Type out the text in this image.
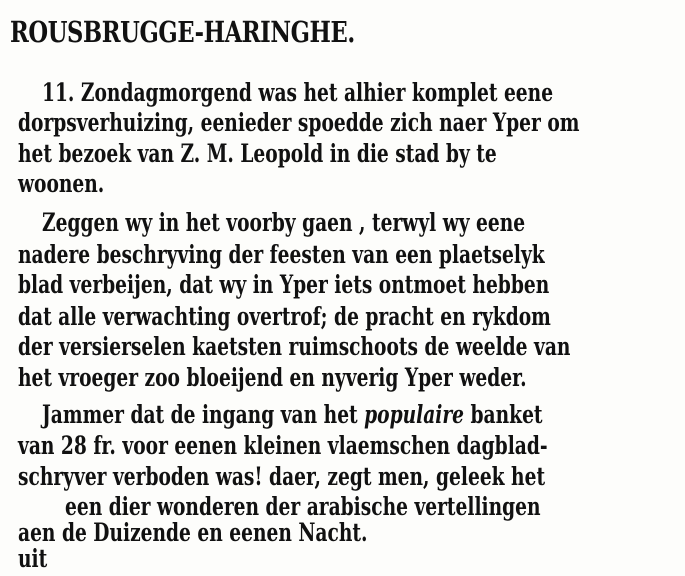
ROUSBRUGGE-HARINGHE.
11. Zondagmorgend was het alhier komplet eene
dorpsverhuizing, eenieder spoedde zich naer Yper om
het bezoek van Z. M. Leopold in die stad by te
woonen.
Zeggen wy in het voorby gaen , terwyl wy eene
nadere beschryving der feesten van een plaetselyk
blad verbeijen, dat wy in Yper iets ontmoet hebben
dat alle verwachting overtrof; de pracht en rykdom
der versierselen kaetsten ruimschoots de weelde van
het vroeger zoo bloeijend en nyverig Yper weder.
Jammer dat de ingang van het populaire banket
van 28 fr. voor eenen kleinen vlaemschen dagblad-
schryver verboden was! daer, zegt men, geleek het
een dier wonderen der arabische vertellingen
aen de Duizende en eenen Nacht.
uit
